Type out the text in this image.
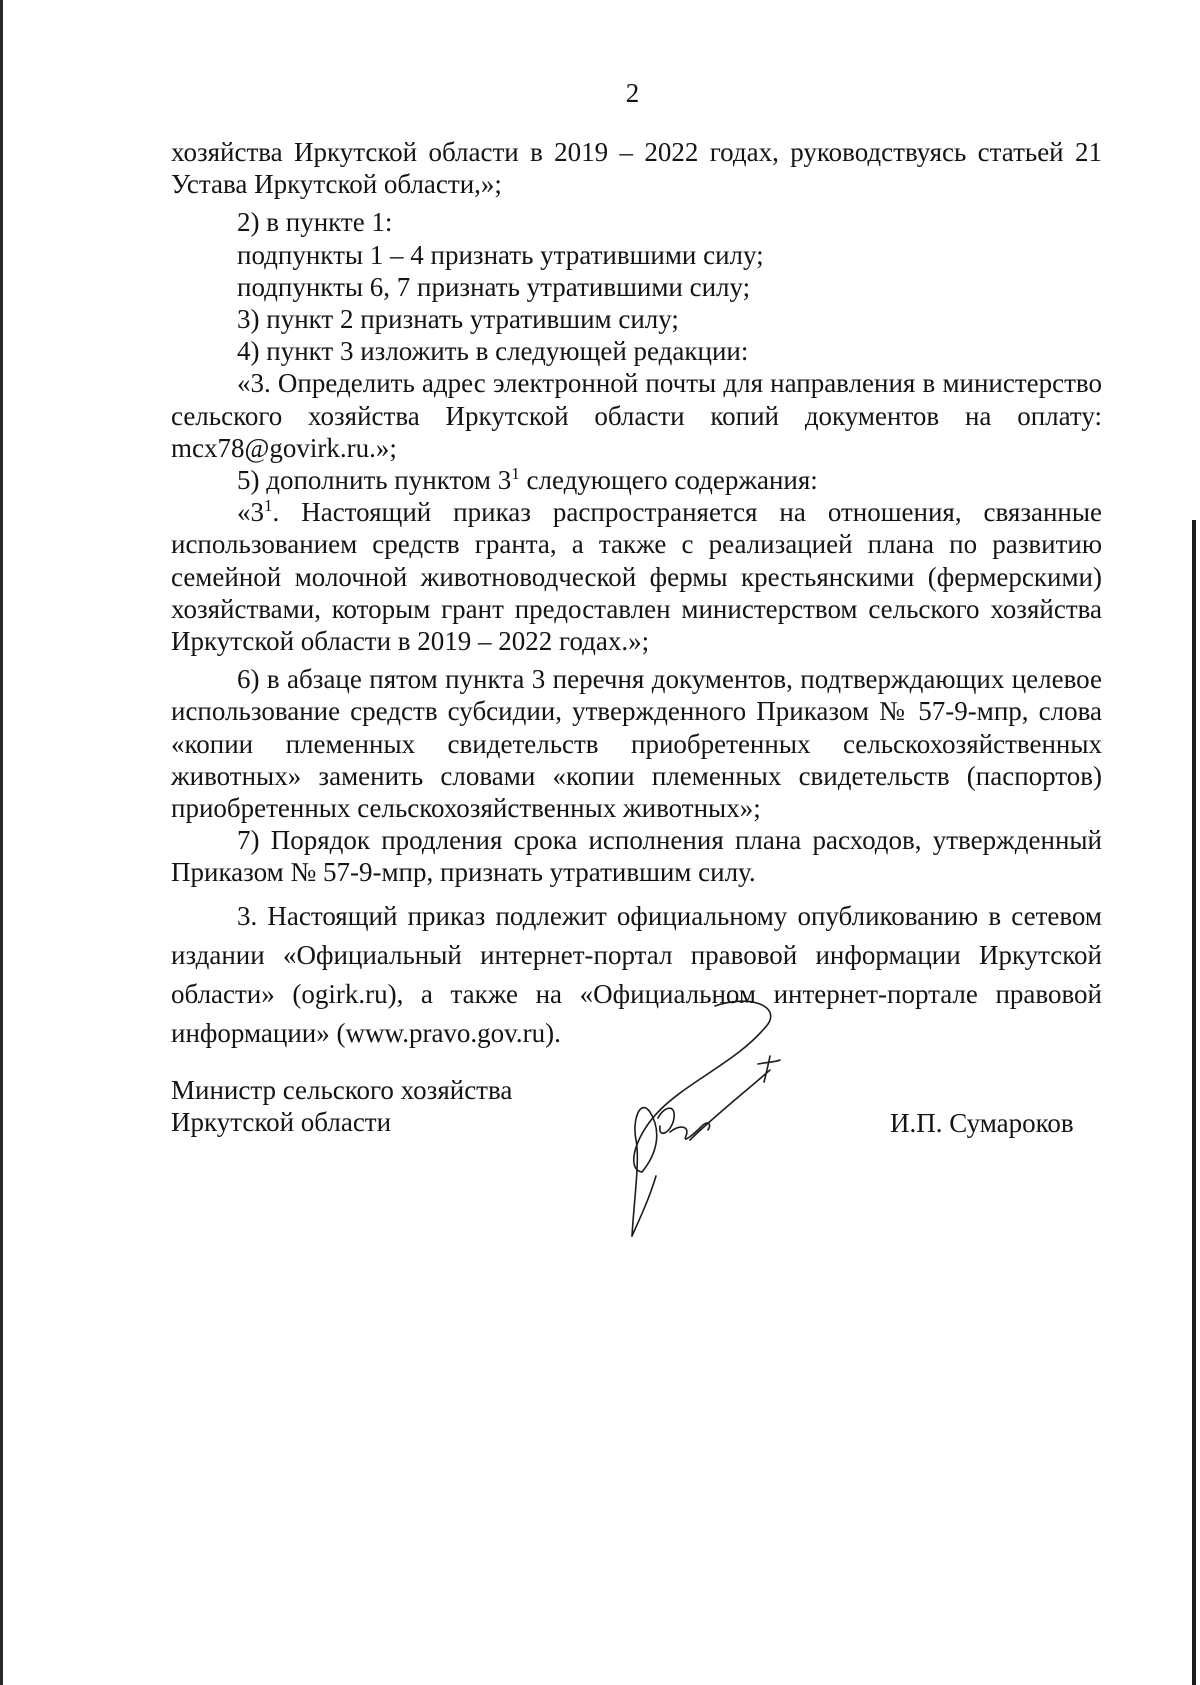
2

хозяйства Иркутской области в 2019 – 2022 годах, руководствуясь статьей 21 Устава Иркутской области,»;

2) в пункте 1:

подпункты 1 – 4 признать утратившими силу;

подпункты 6, 7 признать утратившими силу;

3) пункт 2 признать утратившим силу;

4) пункт 3 изложить в следующей редакции:

«3. Определить адрес электронной почты для направления в министерство сельского хозяйства Иркутской области копий документов на оплату: mcx78@govirk.ru.»;

5) дополнить пунктом $3^1$ следующего содержания:

«$3^1$. Настоящий приказ распространяется на отношения, связанные использованием средств гранта, а также с реализацией плана по развитию семейной молочной животноводческой фермы крестьянскими (фермерскими) хозяйствами, которым грант предоставлен министерством сельского хозяйства Иркутской области в 2019 – 2022 годах.»;

6) в абзаце пятом пункта 3 перечня документов, подтверждающих целевое использование средств субсидии, утвержденного Приказом № 57-9-мпр, слова «копии племенных свидетельств приобретенных сельскохозяйственных животных» заменить словами «копии племенных свидетельств (паспортов) приобретенных сельскохозяйственных животных»;

7) Порядок продления срока исполнения плана расходов, утвержденный Приказом № 57-9-мпр, признать утратившим силу.

3. Настоящий приказ подлежит официальному опубликованию в сетевом издании «Официальный интернет-портал правовой информации Иркутской области» (ogirk.ru), а также на «Официальном интернет-портале правовой информации» (www.pravo.gov.ru).

Министр сельского хозяйства
Иркутской области	И.П. Сумароков
